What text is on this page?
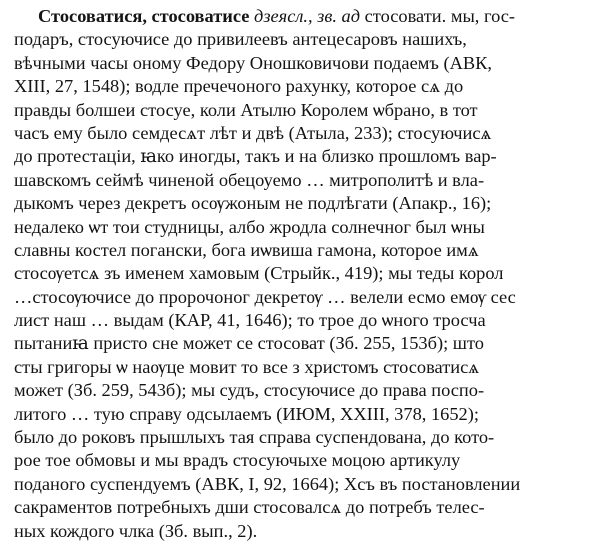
Стосоватися, стосоватисе дзеясл., зв. ад стосовати. мы, гос-
подаръ, стосуючисе до привилеевъ антецесаровъ нашихъ,
вѣчными часы оному Федору Оношковичови подаемъ (АВК,
XIII, 27, 1548); водле пречечоного рахунку, которое сѧ до
правды болшеи стосуе, коли Атылю Королем ѡбрано, в тот
часъ ему было семдесѧт лѣт и двѣ (Атыла, 233); стосуючисѧ
до протестаціи, ꙗко иногды, такъ и на близко прошломъ вар-
шавскомъ сеймѣ чиненой обецоуемо … митрополитѣ и вла-
дыкомъ через декретъ осѹжоным не подлѣгати (Апакр., 16);
недалеко ѡт тои студницы, албо жродла солнечног был ѡны
славны костел погански, бога иѡвиша гамона, которое имѧ
стосѹетсѧ зъ именем хамовым (Стрыйк., 419); мы теды корол
…стосѹючисе до пророчоног декретѹ … велели есмо емѹ сес
лист наш … выдам (КАР, 41, 1646); то трое до ѡного тросча
пытаниꙗ присто сне может се стосоват (Зб. 255, 153б); што
сты григоры ѡ наѹце мовит то все з христомъ стосоватисѧ
может (Зб. 259, 543б); мы судъ, стосуючисе до права поспо-
литого … тую справу одсылаемъ (ИЮМ, XXIII, 378, 1652);
было до роковъ прышлыхъ тая справа суспендована, до кото-
рое тое обмовы и мы врадъ стосуючыхе моцою артикулу
поданого суспендуемъ (АВК, I, 92, 1664); Хсъ въ постановлении
сакраментов потребныхъ дши стосовалсѧ до потребъ телес-
ных кождого члка (Зб. вып., 2).
